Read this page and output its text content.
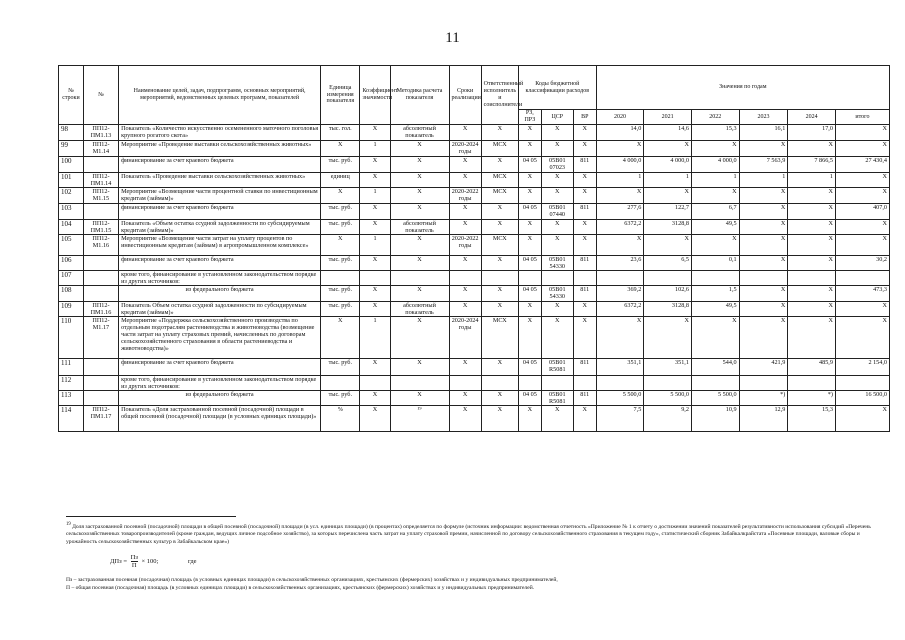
11
№ строки	№	Наименование целей, задач, подпрограмм, основных мероприятий, мероприятий, ведомственных целевых программ, показателей	Единица измерения показателя	Коэффициент значимости	Методика расчета показателя	Сроки реализации	Ответственный исполнитель и соисполнители	Коды бюджетной классификации расходов			Значения по годам					
								РЗ, ПРЗ	ЦСР	ВР	2020	2021	2022	2023	2024	итого
98	ПП12-ПМ1.13	Показатель «Количество искусственно осемененного маточного поголовья крупного рогатого скота»	тыс. гол.	Х	абсолютный показатель	Х	Х	Х	Х	Х	14,0	14,6	15,3	16,1	17,0	Х
99	ПП12-М1.14	Мероприятие «Проведение выставки сельскохозяйственных животных»	Х	1	Х	2020-2024 годы	МСХ	Х	Х	Х	Х	Х	Х	Х	Х	Х
100		финансирование за счет краевого бюджета	тыс. руб.	Х	Х	Х	Х	04 05	05В01 07023	811	4 000,0	4 000,0	4 000,0	7 563,9	7 866,5	27 430,4
101	ПП12-ПМ1.14	Показатель «Проведение выставки сельскохозяйственных животных»	единиц	Х	Х	Х	МСХ	Х	Х	Х	1	1	1	1	1	Х
102	ПП12-М1.15	Мероприятие «Возмещение части процентной ставки по инвестиционным кредитам (займам)»	Х	1	Х	2020-2022 годы	МСХ	Х	Х	Х	Х	Х	Х	Х	Х	Х
103		финансирование за счет краевого бюджета	тыс. руб.	Х	Х	Х	Х	04 05	05В01 07440	811	277,6	122,7	6,7	Х	Х	407,0
104	ПП12-ПМ1.15	Показатель «Объем остатка ссудной задолженности по субсидируемым кредитам (займам)»	тыс. руб.	Х	абсолютный показатель	Х	Х	Х	Х	Х	6372,2	3128,8	49,5	Х	Х	Х
105	ПП12-М1.16	Мероприятие «Возмещение части затрат на уплату процентов по инвестиционным кредитам (займам) в агропромышленном комплексе»	Х	1	Х	2020-2022 годы	МСХ	Х	Х	Х	Х	Х	Х	Х	Х	Х
106		финансирование за счет краевого бюджета	тыс. руб.	Х	Х	Х	Х	04 05	05В01 54330	811	23,6	6,5	0,1	Х	Х	30,2
107		кроме того, финансирование в установленном законодательством порядке из других источников:														
108		из федерального бюджета	тыс. руб.	Х	Х	Х	Х	04 05	05В01 54330	811	369,2	102,6	1,5	Х	Х	473,3
109	ПП12-ПМ1.16	Показатель Объем остатка ссудной задолженности по субсидируемым кредитам (займам)»	тыс. руб.	Х	абсолютный показатель	Х	Х	Х	Х	Х	6372,2	3128,8	49,5	Х	Х	Х
110	ПП12-М1.17	Мероприятие «Поддержка сельскохозяйственного производства по отдельным подотраслям растениеводства и животноводства (возмещение части затрат на уплату страховых премий, начисленных по договорам сельскохозяйственного страхования в области растениеводства и животноводства)»	Х	1	Х	2020-2024 годы	МСХ	Х	Х	Х	Х	Х	Х	Х	Х	Х
111		финансирование за счет краевого бюджета	тыс. руб.	Х	Х	Х	Х	04 05	05В01 R5081	811	351,1	351,1	544,0	421,9	485,9	2 154,0
112		кроме того, финансирование в установленном законодательством порядке из других источников:														
113		из федерального бюджета	тыс. руб.	Х	Х	Х	Х	04 05	05В01 R5081	811	5 500,0	5 500,0	5 500,0	*)	*)	16 500,0
114	ПП12-ПМ1.17	Показатель «Доля застрахованной посевной (посадочной) площади в общей посевной (посадочной) площади (в условных единицах площади)»	%	Х	¹⁹	Х	Х	Х	Х	Х	7,5	9,2	10,9	12,9	15,3	Х
$^{19}$ Доля застрахованной посевной (посадочной) площади в общей посевной (посадочной) площади (в усл. единицах площади) (в процентах) определяется по формуле (источник информации: ведомственная отчетность «Приложение № 1 к отчету о достижении значений показателей результативности использования субсидий «Перечень сельскохозяйственных товаропроизводителей (кроме граждан, ведущих личное подсобное хозяйство), за которых перечислена часть затрат на уплату страховой премии, начисленной по договору сельскохозяйственного страхования в текущем году», статистический сборник Забайкалкрайстата «Посевные площади, валовые сборы и урожайность сельскохозяйственных культур в Забайкальском крае»)
ДПз = $\frac{Пз}{П} \times 100$;	где
Пз – застрахованная посевная (посадочная) площадь (в условных единицах площади) в сельскохозяйственных организациях, крестьянских (фермерских) хозяйствах и у индивидуальных предпринимателей,
П – общая посевная (посадочная) площадь (в условных единицах площади) в сельскохозяйственных организациях, крестьянских (фермерских) хозяйствах и у индивидуальных предпринимателей.
